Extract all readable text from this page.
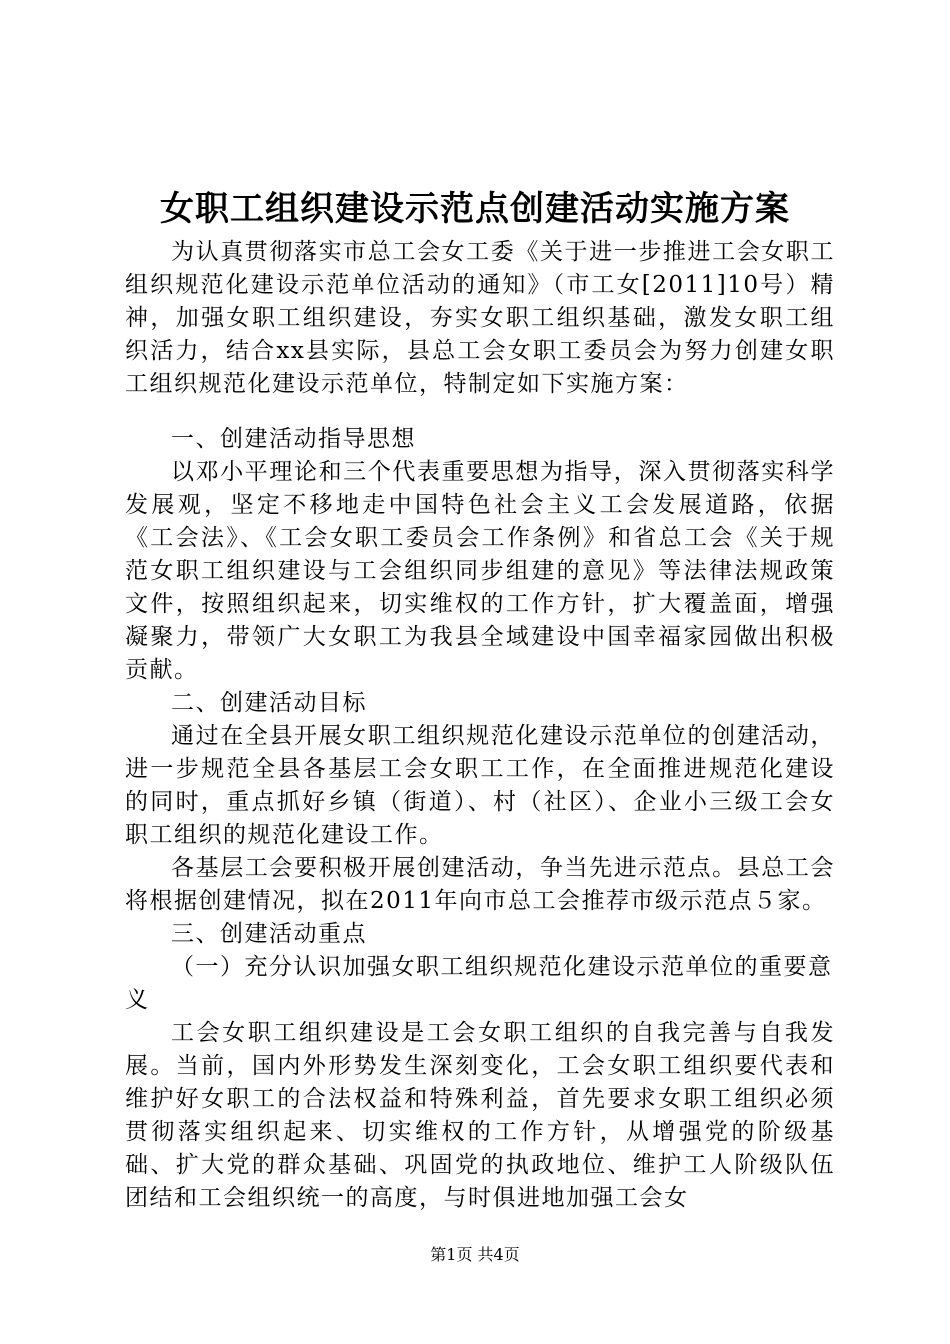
女职工组织建设示范点创建活动实施方案

为认真贯彻落实市总工会女工委《关于进一步推进工会女职工组织规范化建设示范单位活动的通知》（市工女[2011]10号）精神，加强女职工组织建设，夯实女职工组织基础，激发女职工组织活力，结合xx县实际，县总工会女职工委员会为努力创建女职工组织规范化建设示范单位，特制定如下实施方案：

一、创建活动指导思想

以邓小平理论和三个代表重要思想为指导，深入贯彻落实科学发展观，坚定不移地走中国特色社会主义工会发展道路，依据《工会法》、《工会女职工委员会工作条例》和省总工会《关于规范女职工组织建设与工会组织同步组建的意见》等法律法规政策文件，按照组织起来，切实维权的工作方针，扩大覆盖面，增强凝聚力，带领广大女职工为我县全域建设中国幸福家园做出积极贡献。

二、创建活动目标

通过在全县开展女职工组织规范化建设示范单位的创建活动，进一步规范全县各基层工会女职工工作，在全面推进规范化建设的同时，重点抓好乡镇（街道）、村（社区）、企业小三级工会女职工组织的规范化建设工作。

各基层工会要积极开展创建活动，争当先进示范点。县总工会将根据创建情况，拟在2011年向市总工会推荐市级示范点５家。

三、创建活动重点

（一）充分认识加强女职工组织规范化建设示范单位的重要意义

工会女职工组织建设是工会女职工组织的自我完善与自我发展。当前，国内外形势发生深刻变化，工会女职工组织要代表和维护好女职工的合法权益和特殊利益，首先要求女职工组织必须贯彻落实组织起来、切实维权的工作方针，从增强党的阶级基础、扩大党的群众基础、巩固党的执政地位、维护工人阶级队伍团结和工会组织统一的高度，与时俱进地加强工会女

第1页 共4页
